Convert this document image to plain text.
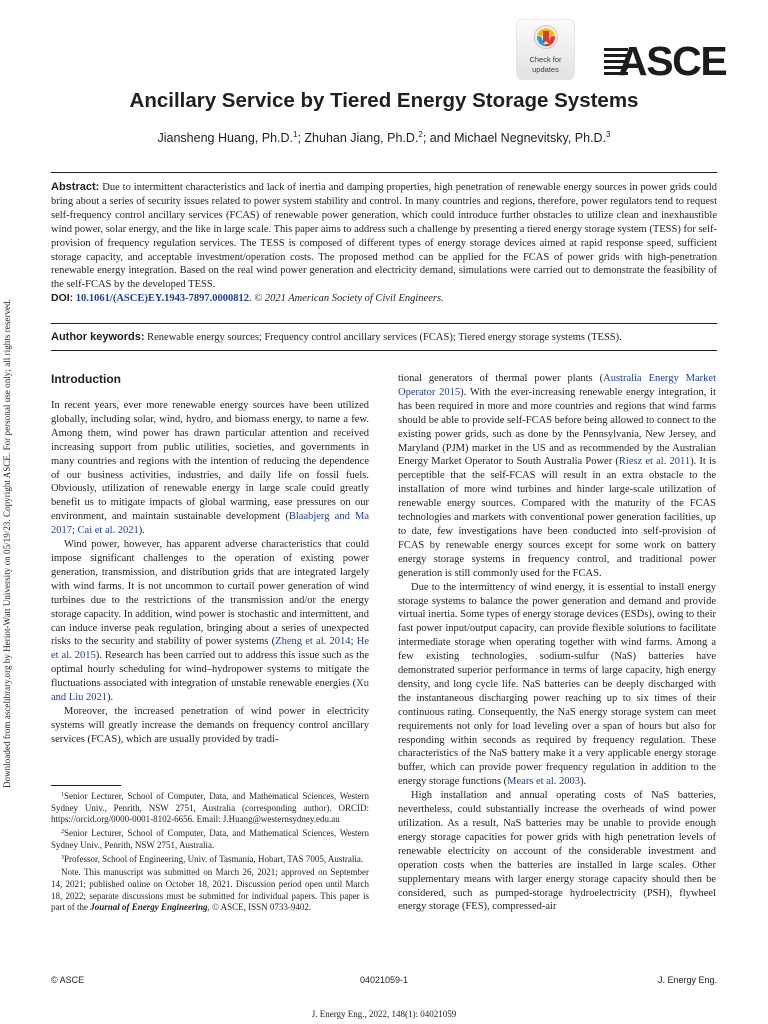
Downloaded from ascelibrary.org by Heriot-Watt University on 05/19/23. Copyright ASCE. For personal use only; all rights reserved.
Check for
updates	ASCE
Ancillary Service by Tiered Energy Storage Systems
Jiansheng Huang, Ph.D.$^1$; Zhuhan Jiang, Ph.D.$^2$; and Michael Negnevitsky, Ph.D.$^3$

Abstract: Due to intermittent characteristics and lack of inertia and damping properties, high penetration of renewable energy sources in power grids could bring about a series of security issues related to power system stability and control. In many countries and regions, therefore, power regulators tend to request self-frequency control ancillary services (FCAS) of renewable power generation, which could introduce further obstacles to utilize clean and inexhaustible wind power, solar energy, and the like in large scale. This paper aims to address such a challenge by presenting a tiered energy storage system (TESS) for self-provision of frequency regulation services. The TESS is composed of different types of energy storage devices aimed at rapid response speed, sufficient storage capacity, and acceptable investment/operation costs. The proposed method can be applied for the FCAS of power grids with high-penetration renewable energy integration. Based on the real wind power generation and electricity demand, simulations were carried out to demonstrate the feasibility of the self-FCAS by the developed TESS.
DOI: 10.1061/(ASCE)EY.1943-7897.0000812. © 2021 American Society of Civil Engineers.

Author keywords: Renewable energy sources; Frequency control ancillary services (FCAS); Tiered energy storage systems (TESS).

Introduction

In recent years, ever more renewable energy sources have been utilized globally, including solar, wind, hydro, and biomass energy, to name a few. Among them, wind power has drawn particular attention and received increasing support from public utilities, societies, and governments in many countries and regions with the intention of reducing the dependence of our business activities, industries, and daily life on fossil fuels. Obviously, utilization of renewable energy in large scale could greatly benefit us to mitigate impacts of global warming, ease pressures on our environment, and maintain sustainable development (Blaabjerg and Ma 2017; Cai et al. 2021).

Wind power, however, has apparent adverse characteristics that could impose significant challenges to the operation of existing power generation, transmission, and distribution grids that are integrated largely with wind farms. It is not uncommon to curtail power generation of wind turbines due to the restrictions of the transmission and/or the energy storage capacity. In addition, wind power is stochastic and intermittent, and can induce inverse peak regulation, bringing about a series of unexpected risks to the security and stability of power systems (Zheng et al. 2014; He et al. 2015). Research has been carried out to address this issue such as the optimal hourly scheduling for wind–hydropower systems to mitigate the fluctuations associated with integration of unstable renewable energies (Xu and Liu 2021).

Moreover, the increased penetration of wind power in electricity systems will greatly increase the demands on frequency control ancillary services (FCAS), which are usually provided by tradi-

tional generators of thermal power plants (Australia Energy Market Operator 2015). With the ever-increasing renewable energy integration, it has been required in more and more countries and regions that wind farms should be able to provide self-FCAS before being allowed to connect to the existing power grids, such as done by the Pennsylvania, New Jersey, and Maryland (PJM) market in the US and as recommended by the Australian Energy Market Operator to South Australia Power (Riesz et al. 2011). It is perceptible that the self-FCAS will result in an extra obstacle to the installation of more wind turbines and hinder large-scale utilization of renewable energy sources. Compared with the maturity of the FCAS technologies and markets with conventional power generation facilities, up to date, few investigations have been conducted into self-provision of FCAS by renewable energy sources except for some work on battery energy storage systems in frequency control, and traditional power generation is still commonly used for the FCAS.

Due to the intermittency of wind energy, it is essential to install energy storage systems to balance the power generation and demand and provide virtual inertia. Some types of energy storage devices (ESDs), owing to their fast power input/output capacity, can provide flexible solutions to facilitate intermediate storage when operating together with wind farms. Among a few existing technologies, sodium-sulfur (NaS) batteries have demonstrated superior performance in terms of large capacity, high energy density, and long cycle life. NaS batteries can be deeply discharged with the instantaneous discharging power reaching up to six times of their continuous rating. Consequently, the NaS energy storage system can meet requirements not only for load leveling over a span of hours but also for responding within seconds as required by frequency regulation. These characteristics of the NaS battery make it a very applicable energy storage buffer, which can provide power frequency regulation in addition to the energy storage functions (Mears et al. 2003).

High installation and annual operating costs of NaS batteries, nevertheless, could substantially increase the overheads of wind power utilization. As a result, NaS batteries may be unable to provide enough energy storage capacities for power grids with high penetration levels of renewable electricity on account of the considerable investment and operation costs when the batteries are installed in large scales. Other supplementary means with larger energy storage capacity should then be considered, such as pumped-storage hydroelectricity (PSH), flywheel energy storage (FES), compressed-air

$^1$Senior Lecturer, School of Computer, Data, and Mathematical Sciences, Western Sydney Univ., Penrith, NSW 2751, Australia (corresponding author). ORCID: https://orcid.org/0000-0001-8102-6656. Email: J.Huang@westernsydney.edu.au

$^2$Senior Lecturer, School of Computer, Data, and Mathematical Sciences, Western Sydney Univ., Penrith, NSW 2751, Australia.

$^3$Professor, School of Engineering, Univ. of Tasmania, Hobart, TAS 7005, Australia.

Note. This manuscript was submitted on March 26, 2021; approved on September 14, 2021; published online on October 18, 2021. Discussion period open until March 18, 2022; separate discussions must be submitted for individual papers. This paper is part of the Journal of Energy Engineering, © ASCE, ISSN 0733-9402.

© ASCE	04021059-1	J. Energy Eng.
J. Energy Eng., 2022, 148(1): 04021059
